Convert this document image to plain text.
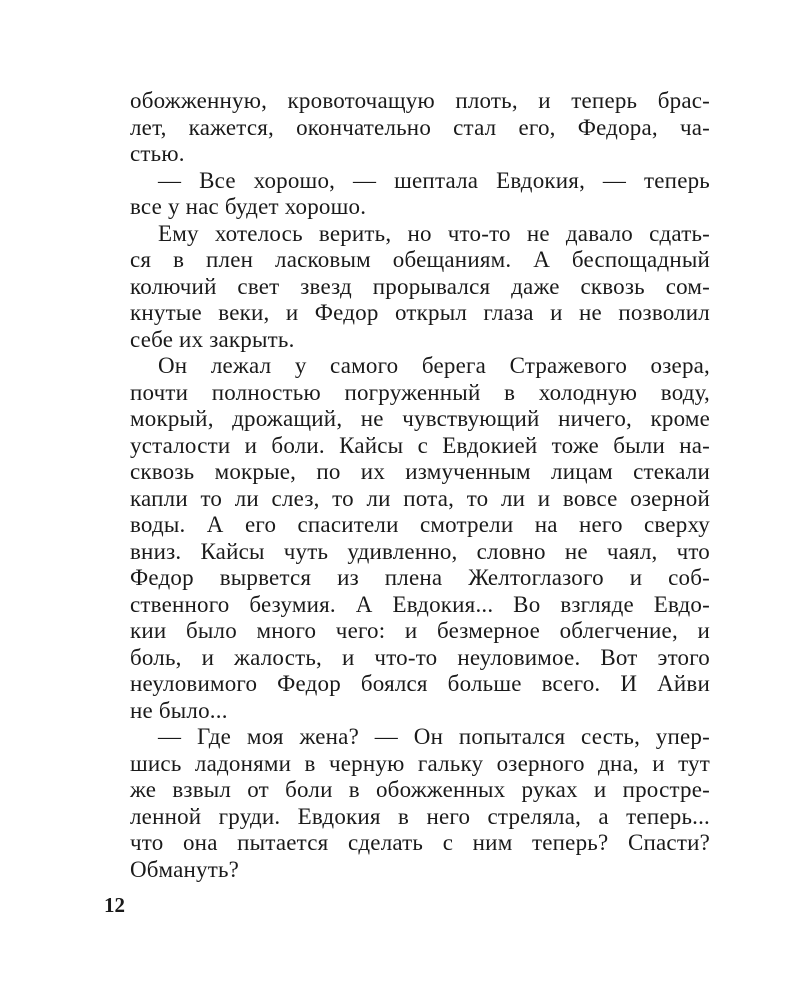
обожженную, кровоточащую плоть, и теперь брас-
лет, кажется, окончательно стал его, Федора, ча-
стью.
— Все хорошо, — шептала Евдокия, — теперь
все у нас будет хорошо.
Ему хотелось верить, но что-то не давало сдать-
ся в плен ласковым обещаниям. А беспощадный
колючий свет звезд прорывался даже сквозь сом-
кнутые веки, и Федор открыл глаза и не позволил
себе их закрыть.
Он лежал у самого берега Стражевого озера,
почти полностью погруженный в холодную воду,
мокрый, дрожащий, не чувствующий ничего, кроме
усталости и боли. Кайсы с Евдокией тоже были на-
сквозь мокрые, по их измученным лицам стекали
капли то ли слез, то ли пота, то ли и вовсе озерной
воды. А его спасители смотрели на него сверху
вниз. Кайсы чуть удивленно, словно не чаял, что
Федор вырвется из плена Желтоглазого и соб-
ственного безумия. А Евдокия... Во взгляде Евдо-
кии было много чего: и безмерное облегчение, и
боль, и жалость, и что-то неуловимое. Вот этого
неуловимого Федор боялся больше всего. И Айви
не было...
— Где моя жена? — Он попытался сесть, упер-
шись ладонями в черную гальку озерного дна, и тут
же взвыл от боли в обожженных руках и простре-
ленной груди. Евдокия в него стреляла, а теперь...
что она пытается сделать с ним теперь? Спасти?
Обмануть?
12
